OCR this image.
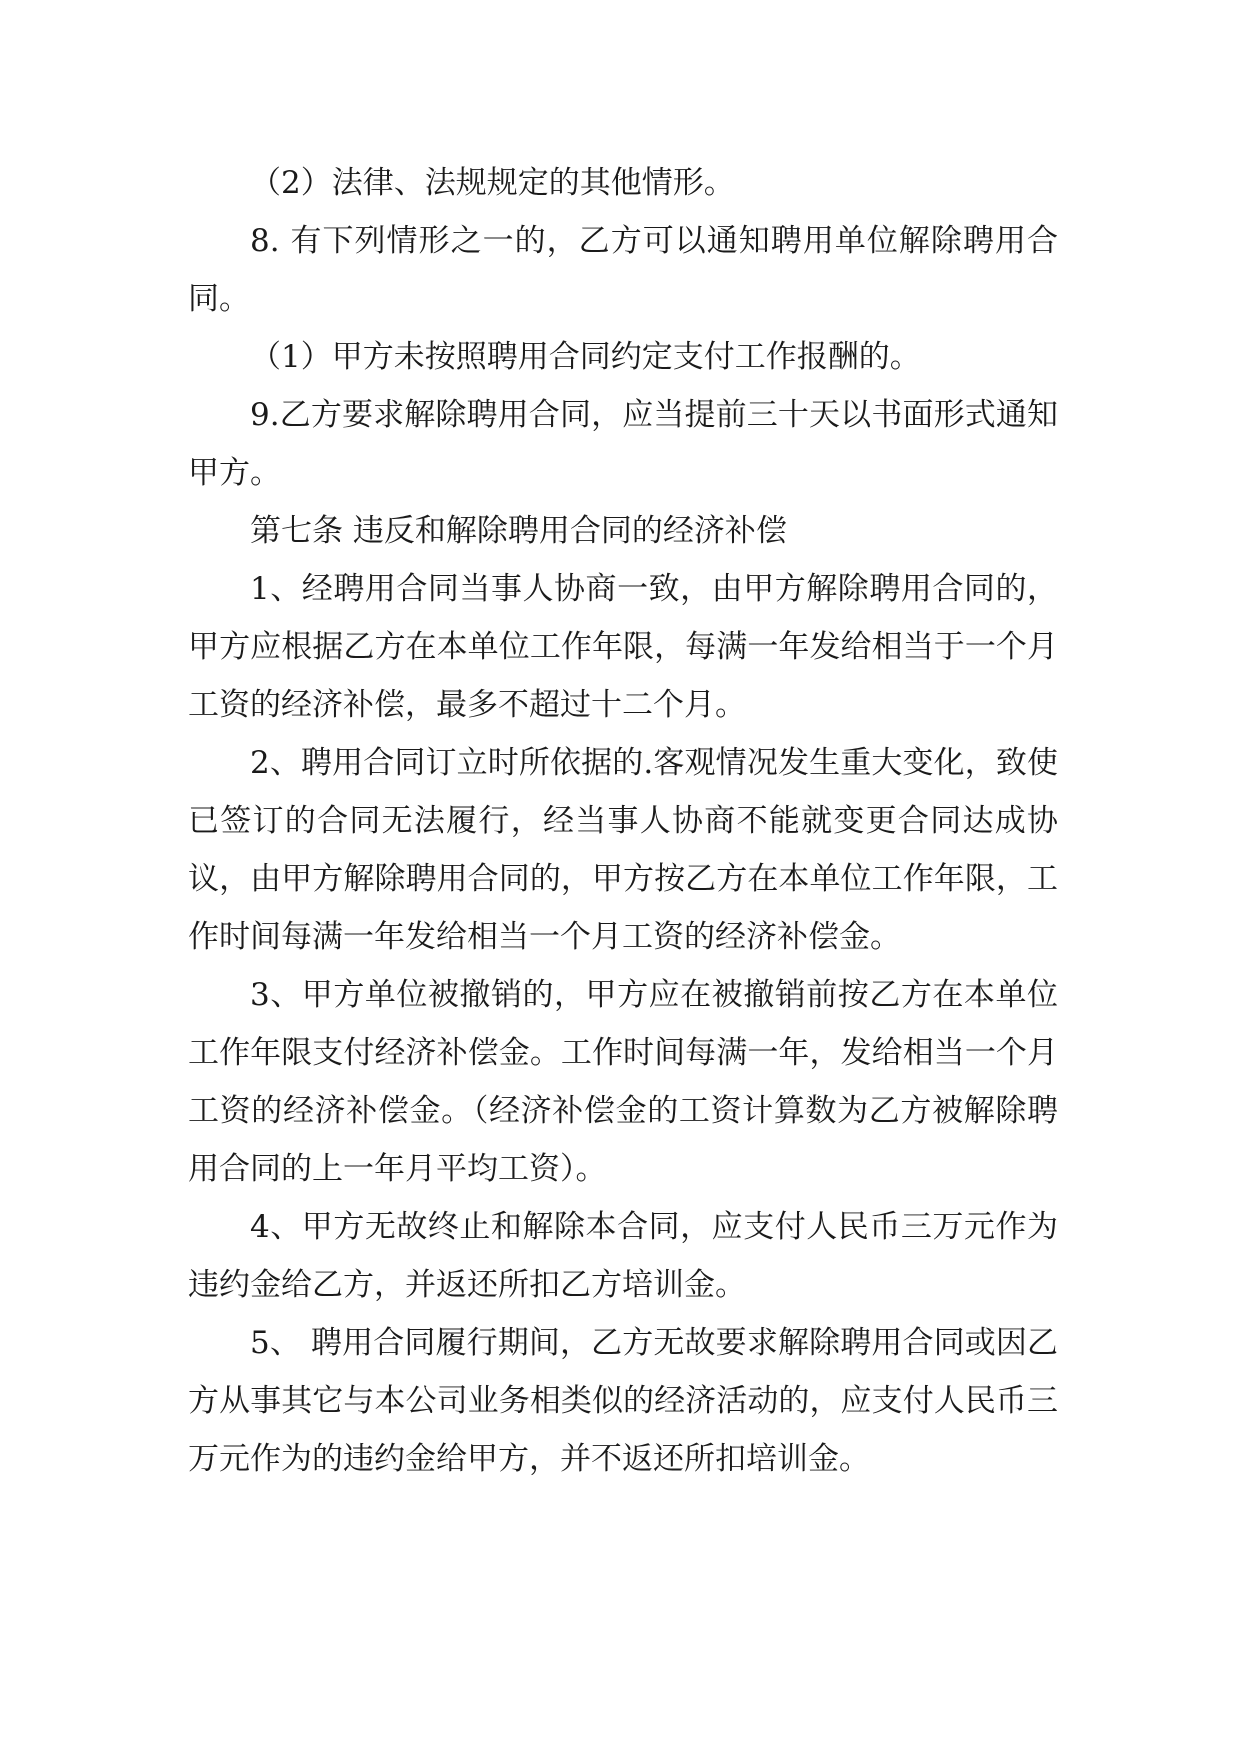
（2）法律、法规规定的其他情形。

8. 有下列情形之一的，乙方可以通知聘用单位解除聘用合同。

（1）甲方未按照聘用合同约定支付工作报酬的。

9.乙方要求解除聘用合同，应当提前三十天以书面形式通知甲方。

第七条 违反和解除聘用合同的经济补偿

1、经聘用合同当事人协商一致，由甲方解除聘用合同的，甲方应根据乙方在本单位工作年限，每满一年发给相当于一个月工资的经济补偿，最多不超过十二个月。

2、聘用合同订立时所依据的.客观情况发生重大变化，致使已签订的合同无法履行，经当事人协商不能就变更合同达成协议，由甲方解除聘用合同的，甲方按乙方在本单位工作年限，工作时间每满一年发给相当一个月工资的经济补偿金。

3、甲方单位被撤销的，甲方应在被撤销前按乙方在本单位工作年限支付经济补偿金。工作时间每满一年，发给相当一个月工资的经济补偿金。（经济补偿金的工资计算数为乙方被解除聘用合同的上一年月平均工资）。

4、甲方无故终止和解除本合同，应支付人民币三万元作为违约金给乙方，并返还所扣乙方培训金。

5、 聘用合同履行期间，乙方无故要求解除聘用合同或因乙方从事其它与本公司业务相类似的经济活动的，应支付人民币三万元作为的违约金给甲方，并不返还所扣培训金。
